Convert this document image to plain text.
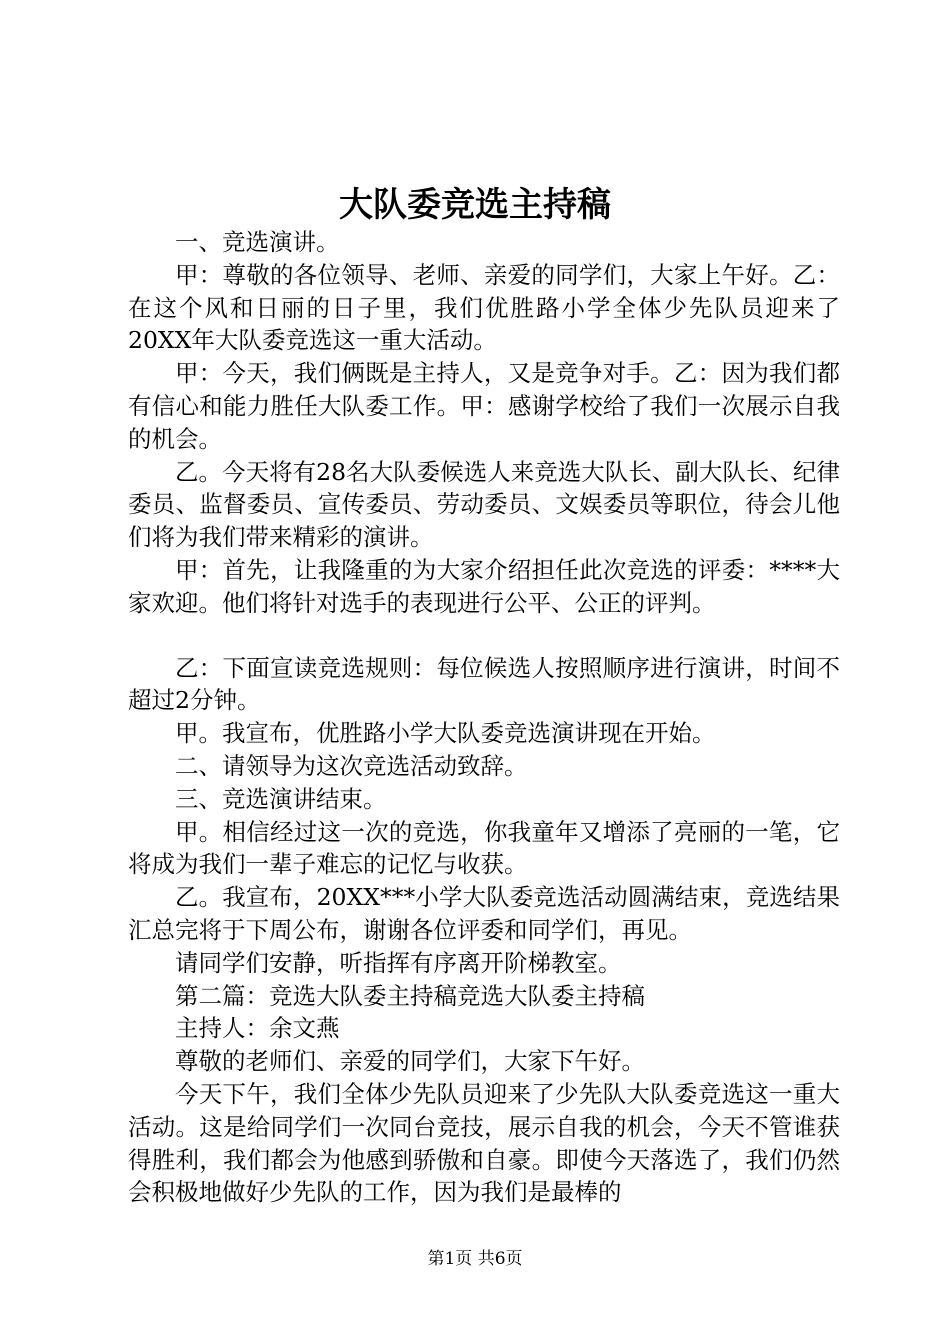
大队委竞选主持稿

一、竞选演讲。

甲：尊敬的各位领导、老师、亲爱的同学们，大家上午好。乙：在这个风和日丽的日子里，我们优胜路小学全体少先队员迎来了20XX年大队委竞选这一重大活动。

甲：今天，我们俩既是主持人，又是竞争对手。乙：因为我们都有信心和能力胜任大队委工作。甲：感谢学校给了我们一次展示自我的机会。

乙。今天将有28名大队委候选人来竞选大队长、副大队长、纪律委员、监督委员、宣传委员、劳动委员、文娱委员等职位，待会儿他们将为我们带来精彩的演讲。

甲：首先，让我隆重的为大家介绍担任此次竞选的评委：****大家欢迎。他们将针对选手的表现进行公平、公正的评判。

乙：下面宣读竞选规则：每位候选人按照顺序进行演讲，时间不超过2分钟。

甲。我宣布，优胜路小学大队委竞选演讲现在开始。

二、请领导为这次竞选活动致辞。

三、竞选演讲结束。

甲。相信经过这一次的竞选，你我童年又增添了亮丽的一笔，它将成为我们一辈子难忘的记忆与收获。

乙。我宣布，20XX***小学大队委竞选活动圆满结束，竞选结果汇总完将于下周公布，谢谢各位评委和同学们，再见。

请同学们安静，听指挥有序离开阶梯教室。

第二篇：竞选大队委主持稿竞选大队委主持稿

主持人：余文燕

尊敬的老师们、亲爱的同学们，大家下午好。

今天下午，我们全体少先队员迎来了少先队大队委竞选这一重大活动。这是给同学们一次同台竞技，展示自我的机会，今天不管谁获得胜利，我们都会为他感到骄傲和自豪。即使今天落选了，我们仍然会积极地做好少先队的工作，因为我们是最棒的

第1页 共6页
